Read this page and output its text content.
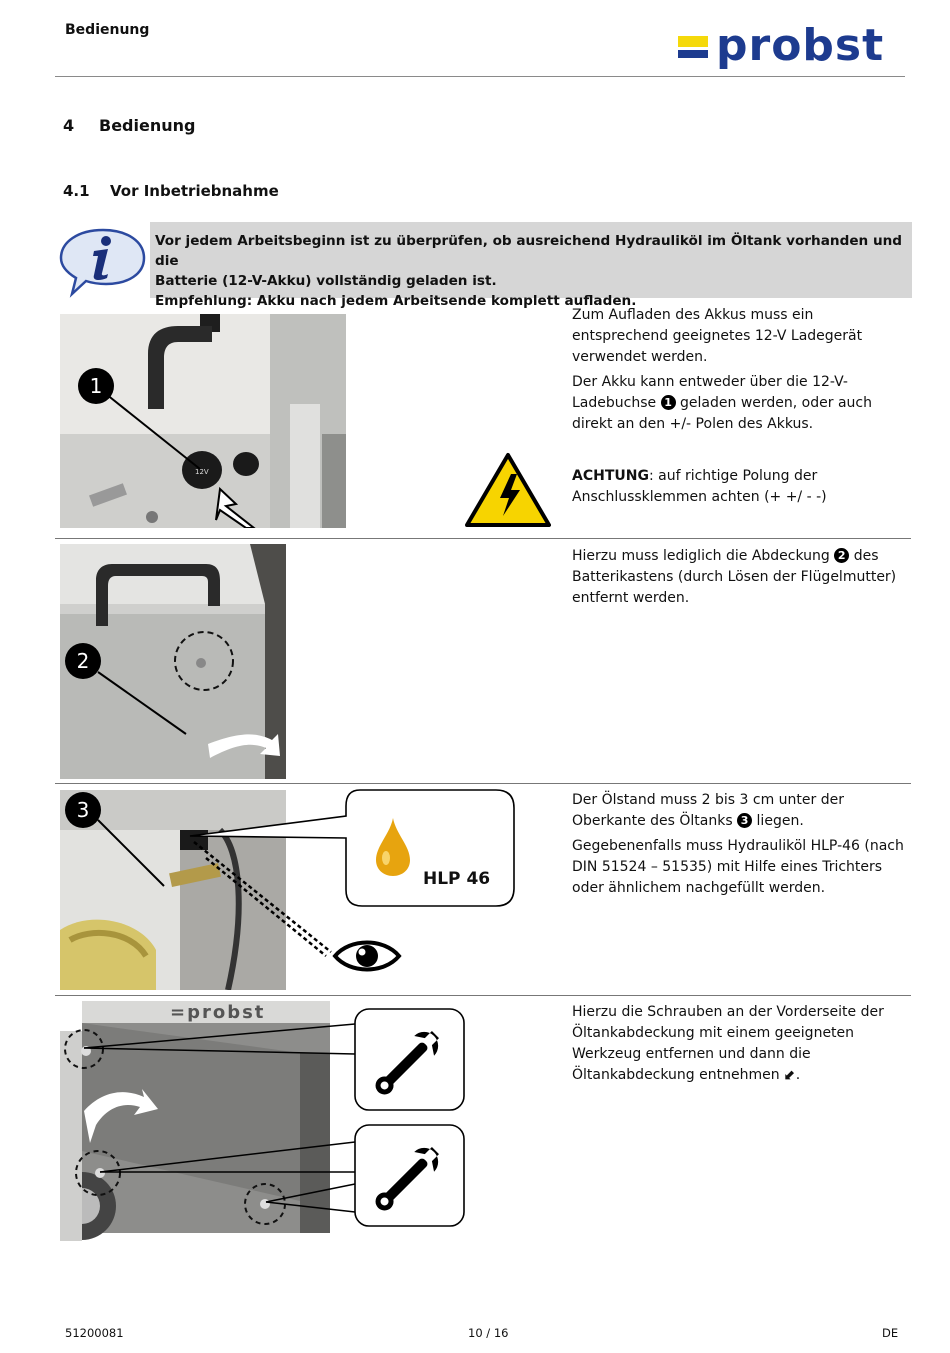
Bedienung	probst
4 Bedienung
4.1 Vor Inbetriebnahme
Vor jedem Arbeitsbeginn ist zu überprüfen, ob ausreichend Hydrauliköl im Öltank vorhanden und die
Batterie (12-V-Akku) vollständig geladen ist.
Empfehlung: Akku nach jedem Arbeitsende komplett aufladen.
12V
1

Zum Aufladen des Akkus muss ein entsprechend geeignetes 12-V Ladegerät verwendet werden.

Der Akku kann entweder über die 12-V-Ladebuchse 1 geladen werden, oder auch direkt an den +/- Polen des Akkus.

ACHTUNG: auf richtige Polung der Anschlussklemmen achten (+ +/ - -)
2

Hierzu muss lediglich die Abdeckung 2 des Batterikastens (durch Lösen der Flügelmutter) entfernt werden.

3
HLP 46

Der Ölstand muss 2 bis 3 cm unter der Oberkante des Öltanks 3 liegen.

Gegebenenfalls muss Hydrauliköl HLP-46 (nach DIN 51524 – 51535) mit Hilfe eines Trichters oder ähnlichem nachgefüllt werden.

=probst	Hierzu die Schrauben an der Vorderseite der Öltankabdeckung mit einem geeigneten Werkzeug entfernen und dann die Öltankabdeckung entnehmen ⬋.

51200081	10 / 16	DE
